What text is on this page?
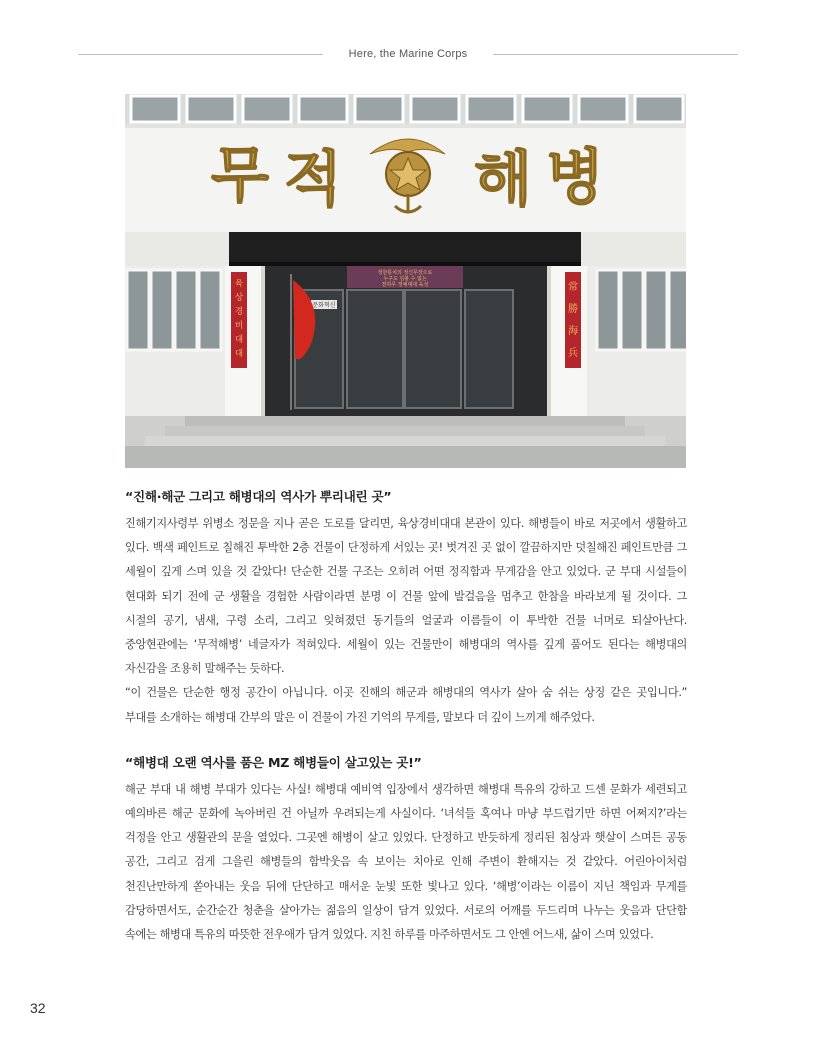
Here, the Marine Corps
무 적 해 병
정한통치의 정신무장으로
누구도 넘볼 수 없는
천하무 정예대대 육성
문화혁신
육
상
경
비
대
대
常
勝
海
兵
“진해·해군 그리고 해병대의 역사가 뿌리내린 곳”

진해기지사령부 위병소 정문을 지나 곧은 도로를 달리면, 육상경비대대 본관이 있다. 해병들이 바로 저곳에서 생활하고 있다. 백색 페인트로 칠해진 투박한 2층 건물이 단정하게 서있는 곳! 벗겨진 곳 없이 깔끔하지만 덧칠해진 페인트만큼 그 세월이 깊게 스며 있을 것 같았다! 단순한 건물 구조는 오히려 어떤 정직함과 무게감을 안고 있었다. 군 부대 시설들이 현대화 되기 전에 군 생활을 경험한 사람이라면 분명 이 건물 앞에 발걸음을 멈추고 한참을 바라보게 될 것이다. 그 시절의 공기, 냄새, 구령 소리, 그리고 잊혀졌던 동기들의 얼굴과 이름들이 이 투박한 건물 너머로 되살아난다. 중앙현관에는 ‘무적해병’ 네글자가 적혀있다. 세월이 있는 건물만이 해병대의 역사를 깊게 품어도 된다는 해병대의 자신감을 조용히 말해주는 듯하다.

“이 건물은 단순한 행정 공간이 아닙니다. 이곳 진해의 해군과 해병대의 역사가 살아 숨 쉬는 상징 같은 곳입니다.” 부대를 소개하는 해병대 간부의 말은 이 건물이 가진 기억의 무게를, 말보다 더 깊이 느끼게 해주었다.

“해병대 오랜 역사를 품은 MZ 해병들이 살고있는 곳!”

해군 부대 내 해병 부대가 있다는 사실! 해병대 예비역 입장에서 생각하면 해병대 특유의 강하고 드센 문화가 세련되고 예의바른 해군 문화에 녹아버린 건 아닐까 우려되는게 사실이다. ‘녀석들 혹여나 마냥 부드럽기만 하면 어쩌지?’라는 걱정을 안고 생활관의 문을 열었다. 그곳엔 해병이 살고 있었다. 단정하고 반듯하게 정리된 침상과 햇살이 스며든 공동 공간, 그리고 검게 그을린 해병들의 함박웃음 속 보이는 치아로 인해 주변이 환해지는 것 같았다. 어린아이처럼 천진난만하게 쏟아내는 웃음 뒤에 단단하고 매서운 눈빛 또한 빛나고 있다. ‘해병’이라는 이름이 지닌 책임과 무게를 감당하면서도, 순간순간 청춘을 살아가는 젊음의 일상이 담겨 있었다. 서로의 어깨를 두드리며 나누는 웃음과 단단함 속에는 해병대 특유의 따뜻한 전우애가 담겨 있었다. 지친 하루를 마주하면서도 그 안엔 어느새, 삶이 스며 있었다.

32
